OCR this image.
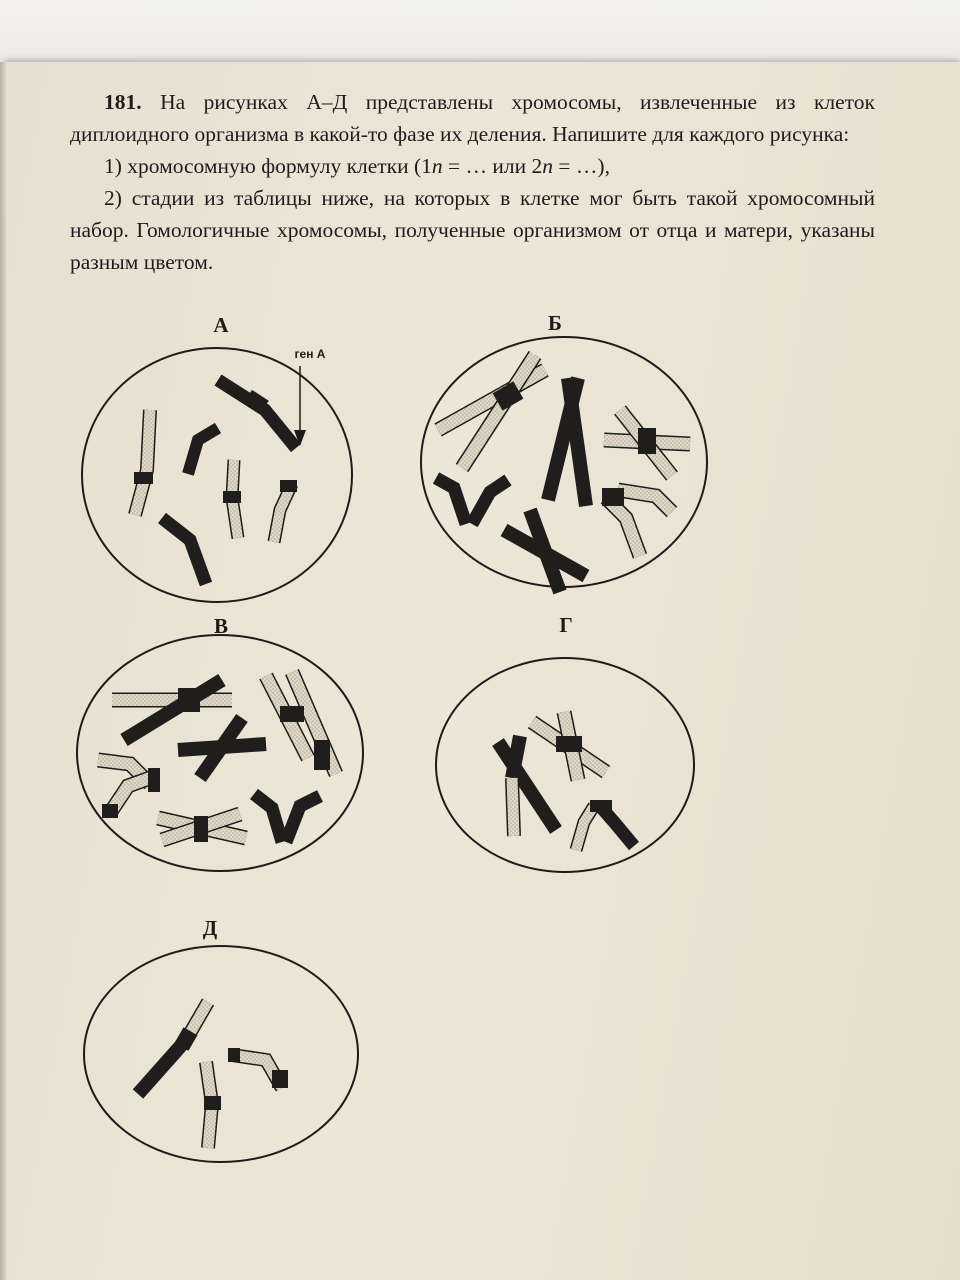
181. На рисунках А–Д представлены хромосомы, извлеченные из клеток диплоидного организма в какой-то фазе их деления. Напишите для каждого рисунка:

1) хромосомную формулу клетки (1n = … или 2n = …),

2) стадии из таблицы ниже, на которых в клетке мог быть такой хромосомный набор. Гомологичные хромосомы, полученные организмом от отца и матери, указаны разным цветом.

А
ген А
Б
В	Г
Д
